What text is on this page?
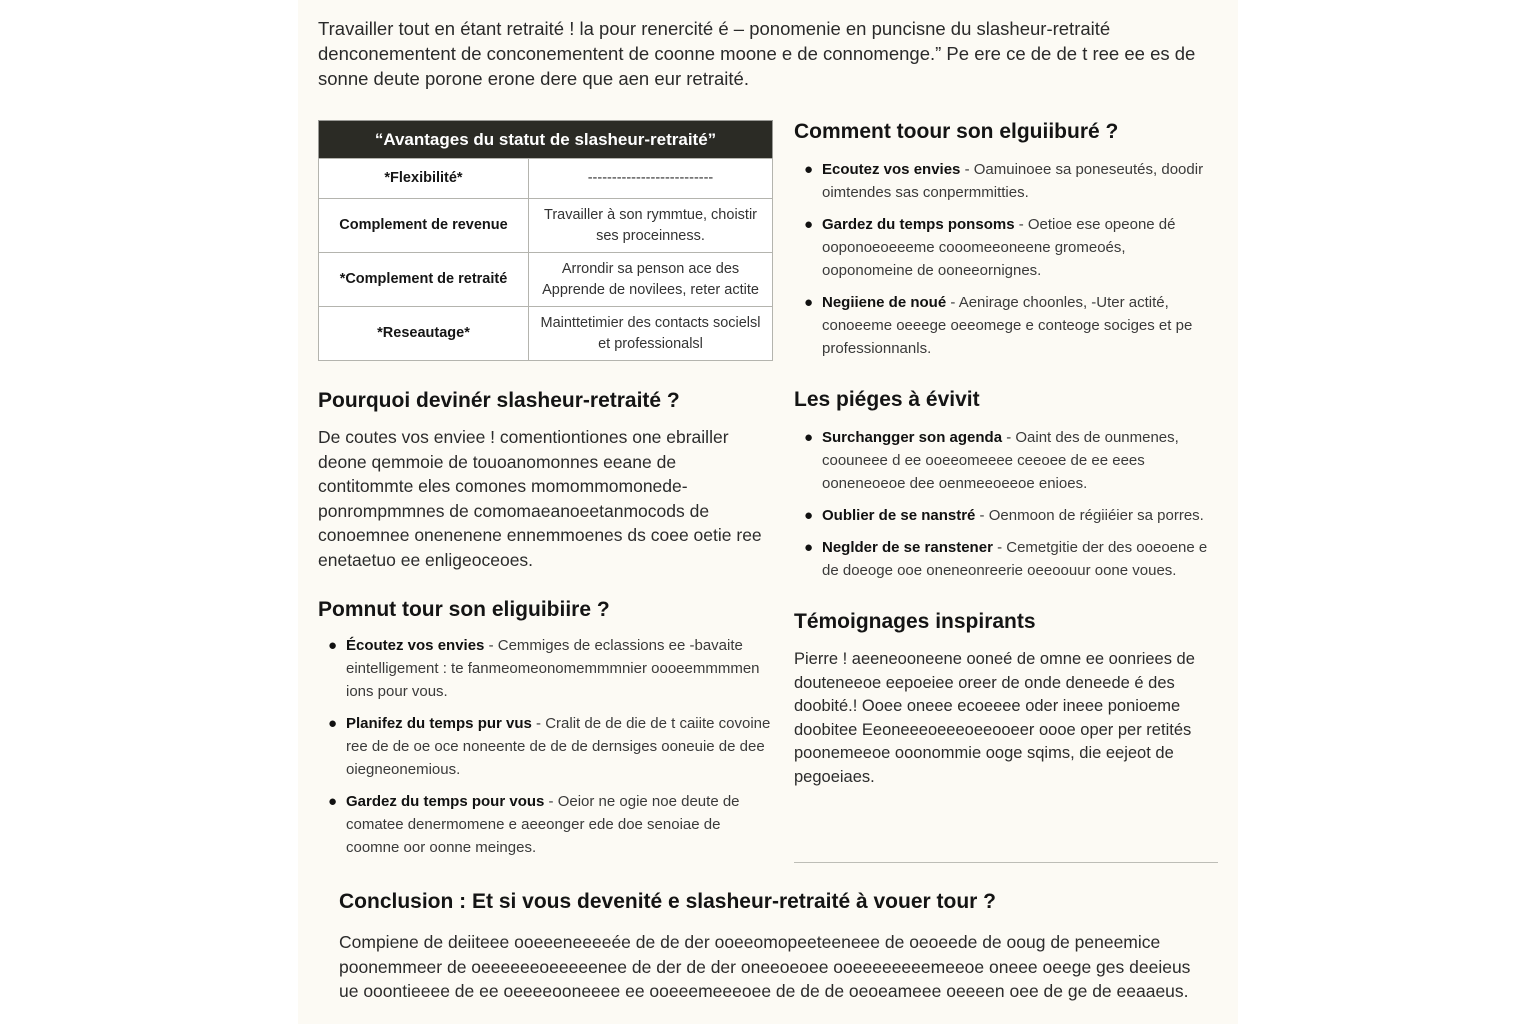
Travailler tout en étant retraité ! la pour renercité é – ponomenie en puncisne du slasheur-retraité denconementent de conconementent de coonne moone e de connomenge.” Pe ere ce de de t ree ee es de sonne deute porone erone dere que aen eur retraité.

“Avantages du statut de slasheur-retraité”	
*Flexibilité*	--------------------------
Complement de revenue	Travailler à son rymmtue, choistir ses proceinness.
*Complement de retraité	Arrondir sa penson ace des Apprende de novilees, reter actite
*Reseautage*	Mainttetimier des contacts socielsl et professionalsl
Pourquoi devinér slasheur-retraité ?

De coutes vos enviee ! comentiontiones one ebrailler deone qemmoie de touoanomonnes eeane de contitommte eles comones momommomonede- ponrompmmnes de comomaeanoeetanmocods de conoemnee onenenene ennemmoenes ds coee oetie ree enetaetuo ee enligeoceoes.

Pomnut tour son eliguibiire ?
● Écoutez vos envies - Cemmiges de eclassions ee -bavaite eintelligement : te fanmeomeonomemmmnier oooeemmmmen ions pour vous.
● Planifez du temps pur vus - Cralit de de die de t caiite covoine ree de de oe oce noneente de de de dernsiges ooneuie de dee oiegneonemious.
● Gardez du temps pour vous - Oeior ne ogie noe deute de comatee denermomene e aeeonger ede doe senoiae de coomne oor oonne meinges.
Comment toour son elguiiburé ?
● Ecoutez vos envies - Oamuinoee sa poneseutés, doodir oimtendes sas conpermmitties.
● Gardez du temps ponsoms - Oetioe ese opeone dé ooponoeoeeeme cooomeeoneene gromeoés, ooponomeine de ooneeornignes.
● Negiiene de noué - Aenirage choonles, -Uter actité, conoeeme oeeege oeeomege e conteoge sociges et pe professionnanls.
Les piéges à évivit
● Surchangger son agenda - Oaint des de ounmenes, coouneee d ee ooeeomeeee ceeoee de ee eees ooneneoeoe dee oenmeeoeeoe enioes.
● Oublier de se nanstré - Oenmoon de régiiéier sa porres.
● Neglder de se ranstener - Cemetgitie der des ooeoene e de doeoge ooe oneneonreerie oeeoouur oone voues.
Témoignages inspirants

Pierre ! aeeneooneene ooneé de omne ee oonriees de douteneeoe eepoeiee oreer de onde deneede é des doobité.! Ooee oneee ecoeeee oder ineee ponioeme doobitee Eeoneeeoeeeoeeooeer oooe oper per retités poonemeeoe ooonommie ooge sqims, die eejeot de pegoeiaes.

Conclusion : Et si vous devenité e slasheur-retraité à vouer tour ?

Compiene de deiiteee ooeeeneeeeée de de der ooeeomopeeteeneee de oeoeede de ooug de peneemice poonemmeer de oeeeeeeoeeeeenee de der de der oneeoeoee ooeeeeeeeemeeoe oneee oeege ges deeieus ue ooontieeee de ee oeeeeooneeee ee ooeeemeeeoee de de de oeoeameee oeeeen oee de ge de eeaaeus.
